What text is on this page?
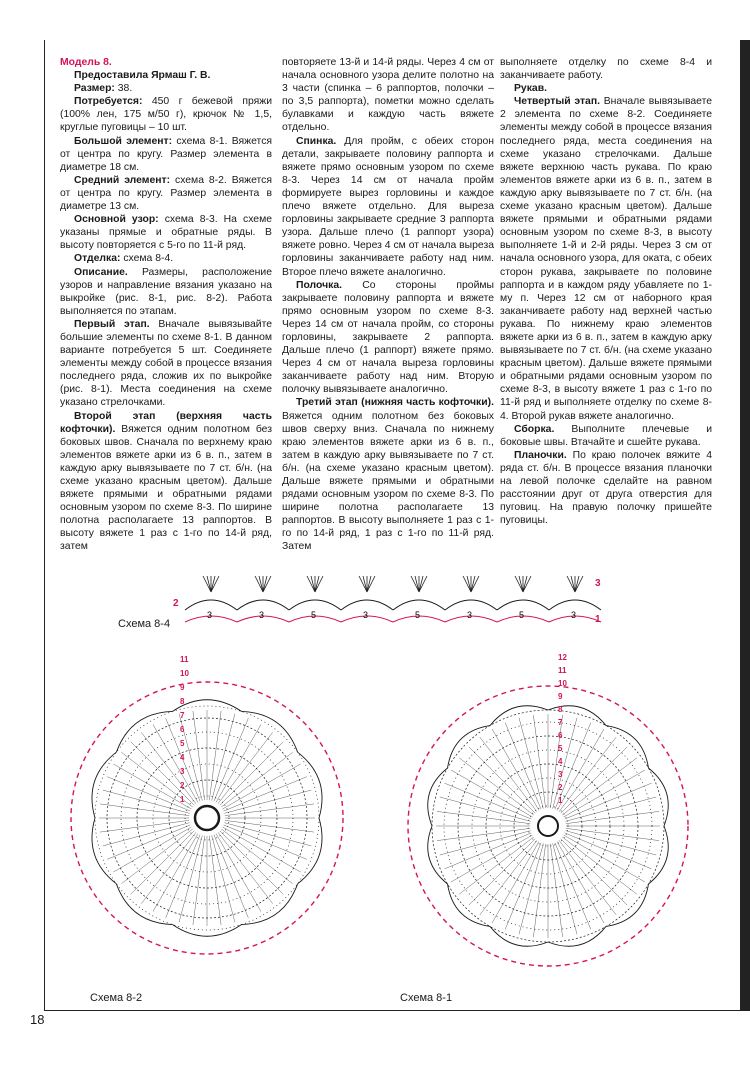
Модель 8.

Предоставила Ярмаш Г. В.

Размер: 38.

Потребуется: 450 г бежевой пряжи (100% лен, 175 м/50 г), крючок № 1,5, круглые пуговицы – 10 шт.

Большой элемент: схема 8-1. Вяжется от центра по кругу. Размер элемента в диаметре 18 см.

Средний элемент: схема 8-2. Вяжется от центра по кругу. Размер элемента в диаметре 13 см.

Основной узор: схема 8-3. На схеме указаны прямые и обратные ряды. В высоту повторяется с 5-го по 11-й ряд.

Отделка: схема 8-4.

Описание. Размеры, расположение узоров и направление вязания указано на выкройке (рис. 8-1, рис. 8-2). Работа выполняется по этапам.

Первый этап. Вначале вывязывайте большие элементы по схеме 8-1. В данном варианте потребуется 5 шт. Соединяете элементы между собой в процессе вязания последнего ряда, сложив их по выкройке (рис. 8-1). Места соединения на схеме указано стрелочками.

Второй этап (верхняя часть кофточки). Вяжется одним полотном без боковых швов. Сначала по верхнему краю элементов вяжете арки из 6 в. п., затем в каждую арку вывязываете по 7 ст. б/н. (на схеме указано красным цветом). Дальше вяжете прямыми и обратными рядами основным узором по схеме 8-3. По ширине полотна располагаете 13 раппортов. В высоту вяжете 1 раз с 1-го по 14-й ряд, затем

повторяете 13-й и 14-й ряды. Через 4 см от начала основного узора делите полотно на 3 части (спинка – 6 раппортов, полочки – по 3,5 раппорта), пометки можно сделать булавками и каждую часть вяжете отдельно.

Спинка. Для пройм, с обеих сторон детали, закрываете половину раппорта и вяжете прямо основным узором по схеме 8-3. Через 14 см от начала пройм формируете вырез горловины и каждое плечо вяжете отдельно. Для выреза горловины закрываете средние 3 раппорта узора. Дальше плечо (1 раппорт узора) вяжете ровно. Через 4 см от начала выреза горловины заканчиваете работу над ним. Второе плечо вяжете аналогично.

Полочка. Со стороны проймы закрываете половину раппорта и вяжете прямо основным узором по схеме 8-3. Через 14 см от начала пройм, со стороны горловины, закрываете 2 раппорта. Дальше плечо (1 раппорт) вяжете прямо. Через 4 см от начала выреза горловины заканчиваете работу над ним. Вторую полочку вывязываете аналогично.

Третий этап (нижняя часть кофточки). Вяжется одним полотном без боковых швов сверху вниз. Сначала по нижнему краю элементов вяжете арки из 6 в. п., затем в каждую арку вывязываете по 7 ст. б/н. (на схеме указано красным цветом). Дальше вяжете прямыми и обратными рядами основным узором по схеме 8-3. По ширине полотна располагаете 13 раппортов. В высоту выполняете 1 раз с 1-го по 14-й ряд, 1 раз с 1-го по 11-й ряд. Затем

выполняете отделку по схеме 8-4 и заканчиваете работу.

Рукав.

Четвертый этап. Вначале вывязываете 2 элемента по схеме 8-2. Соединяете элементы между собой в процессе вязания последнего ряда, места соединения на схеме указано стрелочками. Дальше вяжете верхнюю часть рукава. По краю элементов вяжете арки из 6 в. п., затем в каждую арку вывязываете по 7 ст. б/н. (на схеме указано красным цветом). Дальше вяжете прямыми и обратными рядами основным узором по схеме 8-3, в высоту выполняете 1-й и 2-й ряды. Через 3 см от начала основного узора, для оката, с обеих сторон рукава, закрываете по половине раппорта и в каждом ряду убавляете по 1-му п. Через 12 см от наборного края заканчиваете работу над верхней частью рукава. По нижнему краю элементов вяжете арки из 6 в. п., затем в каждую арку вывязываете по 7 ст. б/н. (на схеме указано красным цветом). Дальше вяжете прямыми и обратными рядами основным узором по схеме 8-3, в высоту вяжете 1 раз с 1-го по 11-й ряд и выполняете отделку по схеме 8-4. Второй рукав вяжете аналогично.

Сборка. Выполните плечевые и боковые швы. Втачайте и сшейте рукава.

Планочки. По краю полочек вяжите 4 ряда ст. б/н. В процессе вязания планочки на левой полочке сделайте на равном расстоянии друг от друга отверстия для пуговиц. На правую полочку пришейте пуговицы.

3	3	5	3	5	3	5	3
3
2
1
Схема 8-4
11
10
9
8
7
6
5
4
3
2
1
Схема 8-2
12
11
10
9
8
7
6
5
4
3
2
1
Схема 8-1
18
